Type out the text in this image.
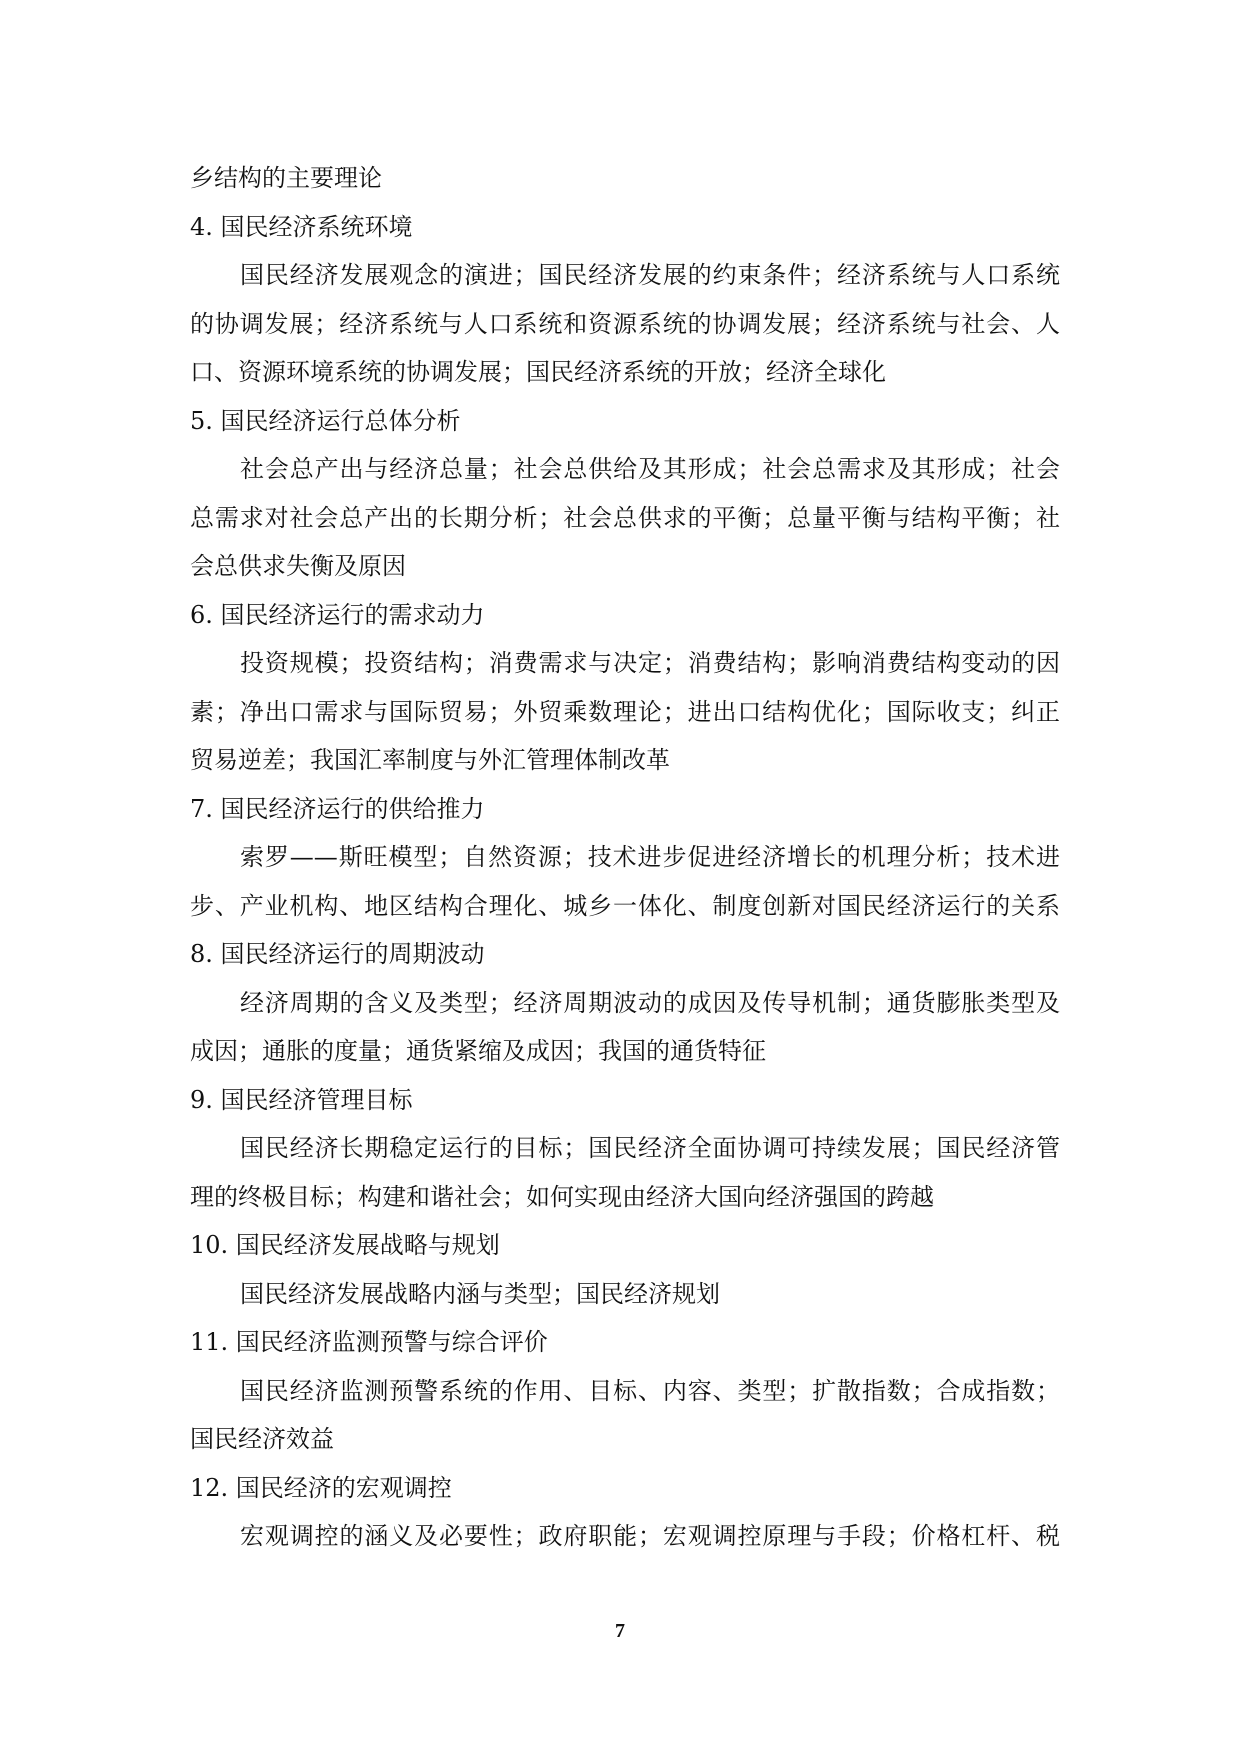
乡结构的主要理论
4. 国民经济系统环境
国民经济发展观念的演进；国民经济发展的约束条件；经济系统与人口系统
的协调发展；经济系统与人口系统和资源系统的协调发展；经济系统与社会、人
口、资源环境系统的协调发展；国民经济系统的开放；经济全球化
5. 国民经济运行总体分析
社会总产出与经济总量；社会总供给及其形成；社会总需求及其形成；社会
总需求对社会总产出的长期分析；社会总供求的平衡；总量平衡与结构平衡；社
会总供求失衡及原因
6. 国民经济运行的需求动力
投资规模；投资结构；消费需求与决定；消费结构；影响消费结构变动的因
素；净出口需求与国际贸易；外贸乘数理论；进出口结构优化；国际收支；纠正
贸易逆差；我国汇率制度与外汇管理体制改革
7. 国民经济运行的供给推力
索罗——斯旺模型；自然资源；技术进步促进经济增长的机理分析；技术进
步、产业机构、地区结构合理化、城乡一体化、制度创新对国民经济运行的关系
8. 国民经济运行的周期波动
经济周期的含义及类型；经济周期波动的成因及传导机制；通货膨胀类型及
成因；通胀的度量；通货紧缩及成因；我国的通货特征
9. 国民经济管理目标
国民经济长期稳定运行的目标；国民经济全面协调可持续发展；国民经济管
理的终极目标；构建和谐社会；如何实现由经济大国向经济强国的跨越
10. 国民经济发展战略与规划
国民经济发展战略内涵与类型；国民经济规划
11. 国民经济监测预警与综合评价
国民经济监测预警系统的作用、目标、内容、类型；扩散指数；合成指数；
国民经济效益
12. 国民经济的宏观调控
宏观调控的涵义及必要性；政府职能；宏观调控原理与手段；价格杠杆、税
7
